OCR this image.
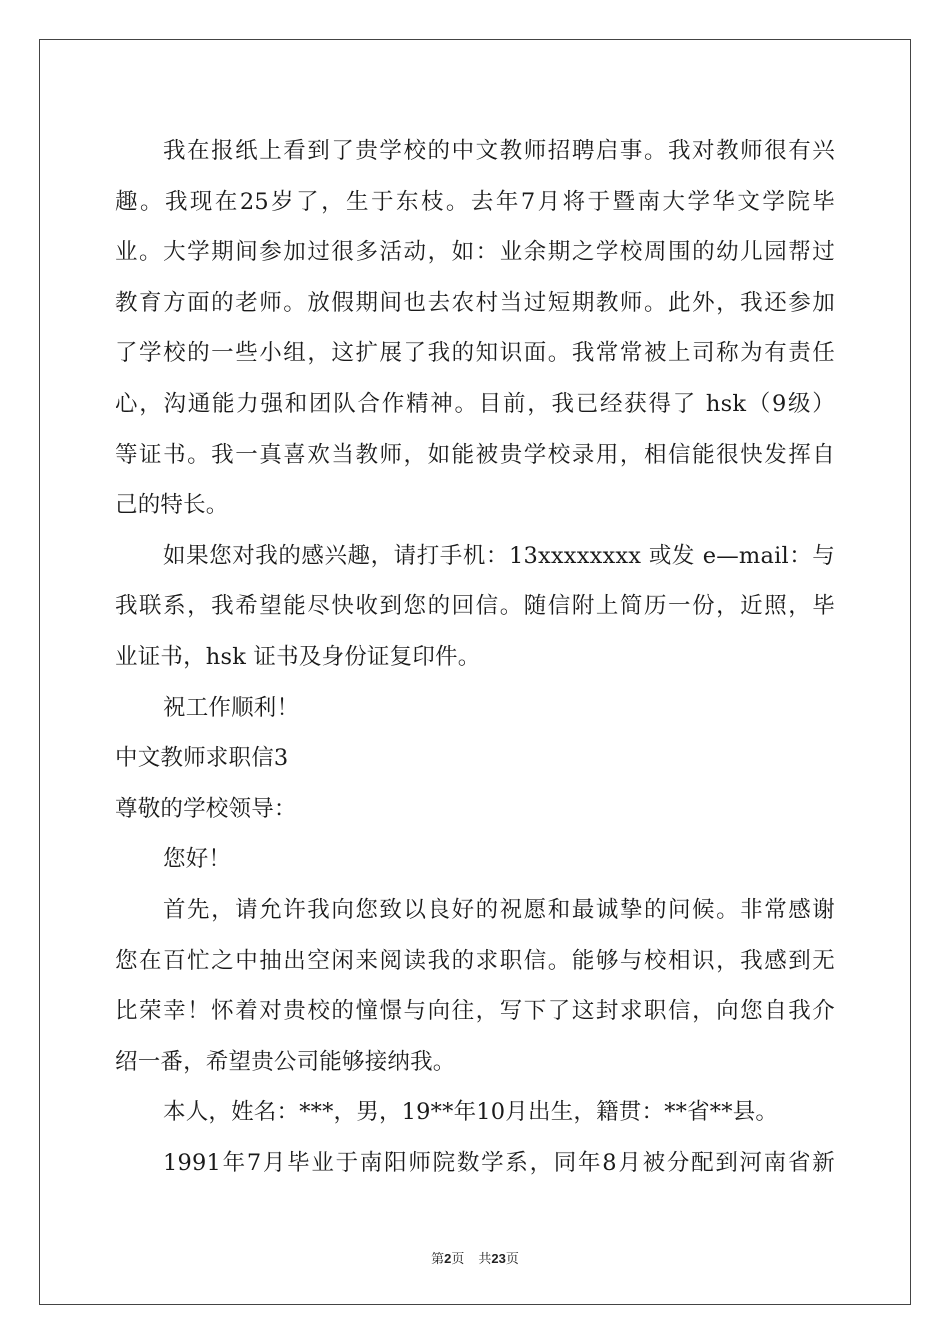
我在报纸上看到了贵学校的中文教师招聘启事。我对教师很有兴
趣。我现在25岁了，生于东枝。去年7月将于暨南大学华文学院毕
业。大学期间参加过很多活动，如：业余期之学校周围的幼儿园帮过
教育方面的老师。放假期间也去农村当过短期教师。此外，我还参加
了学校的一些小组，这扩展了我的知识面。我常常被上司称为有责任
心，沟通能力强和团队合作精神。目前，我已经获得了 hsk（9级）
等证书。我一真喜欢当教师，如能被贵学校录用，相信能很快发挥自
己的特长。
如果您对我的感兴趣，请打手机：13xxxxxxxx 或发 e—mail：与
我联系，我希望能尽快收到您的回信。随信附上简历一份，近照，毕
业证书，hsk 证书及身份证复印件。
祝工作顺利！
中文教师求职信3
尊敬的学校领导：
您好！
首先，请允许我向您致以良好的祝愿和最诚挚的问候。非常感谢
您在百忙之中抽出空闲来阅读我的求职信。能够与校相识，我感到无
比荣幸！怀着对贵校的憧憬与向往，写下了这封求职信，向您自我介
绍一番，希望贵公司能够接纳我。
本人，姓名：***，男，19**年10月出生，籍贯：**省**县。
1991年7月毕业于南阳师院数学系，同年8月被分配到河南省新
第2页 共23页
